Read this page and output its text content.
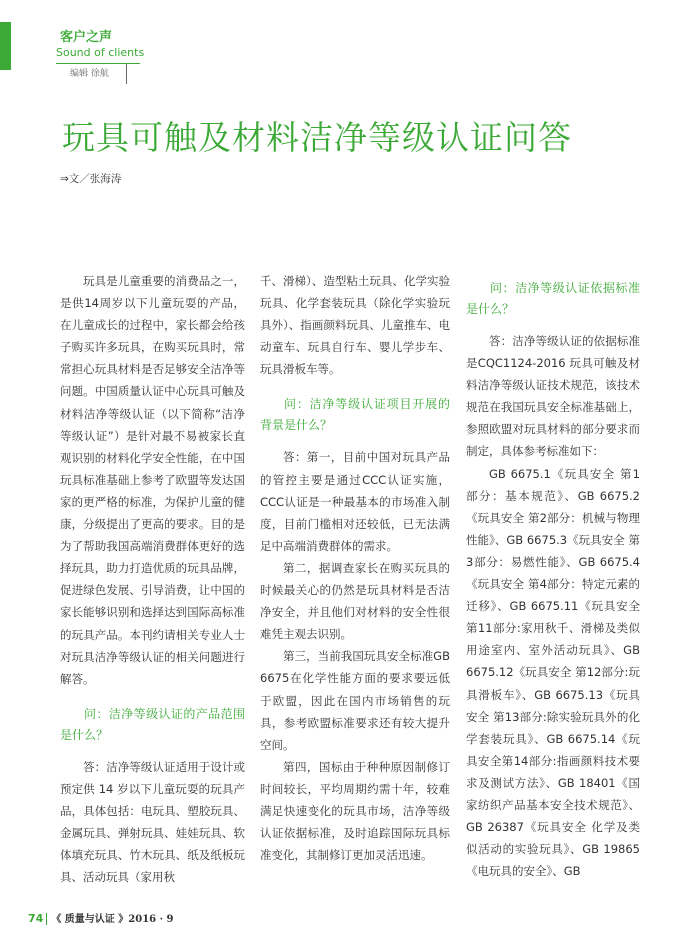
客户之声
Sound of clients
编辑 徐航
玩具可触及材料洁净等级认证问答
⇒文／张海涛

玩具是儿童重要的消费品之一，是供14周岁以下儿童玩耍的产品，在儿童成长的过程中，家长都会给孩子购买许多玩具，在购买玩具时，常常担心玩具材料是否足够安全洁净等问题。中国质量认证中心玩具可触及材料洁净等级认证（以下简称“洁净等级认证”）是针对最不易被家长直观识别的材料化学安全性能，在中国玩具标准基础上参考了欧盟等发达国家的更严格的标准，为保护儿童的健康，分级提出了更高的要求。目的是为了帮助我国高端消费群体更好的选择玩具，助力打造优质的玩具品牌，促进绿色发展、引导消费，让中国的家长能够识别和选择达到国际高标准的玩具产品。本刊约请相关专业人士对玩具洁净等级认证的相关问题进行解答。

问：洁净等级认证的产品范围是什么？

答：洁净等级认证适用于设计或预定供 14 岁以下儿童玩耍的玩具产品，具体包括：电玩具、塑胶玩具、金属玩具、弹射玩具、娃娃玩具、软体填充玩具、竹木玩具、纸及纸板玩具、活动玩具（家用秋

千、滑梯）、造型粘土玩具、化学实验玩具、化学套装玩具（除化学实验玩具外）、指画颜料玩具、儿童推车、电动童车、玩具自行车、婴儿学步车、玩具滑板车等。

问：洁净等级认证项目开展的背景是什么？

答：第一，目前中国对玩具产品的管控主要是通过CCC认证实施，CCC认证是一种最基本的市场准入制度，目前门槛相对还较低，已无法满足中高端消费群体的需求。

第二，据调查家长在购买玩具的时候最关心的仍然是玩具材料是否洁净安全，并且他们对材料的安全性很难凭主观去识别。

第三，当前我国玩具安全标准GB 6675在化学性能方面的要求要远低于欧盟，因此在国内市场销售的玩具，参考欧盟标准要求还有较大提升空间。

第四，国标由于种种原因制修订时间较长，平均周期约需十年，较难满足快速变化的玩具市场，洁净等级认证依据标准，及时追踪国际玩具标准变化，其制修订更加灵活迅速。

问：洁净等级认证依据标准是什么？

答：洁净等级认证的依据标准是CQC1124-2016 玩具可触及材料洁净等级认证技术规范，该技术规范在我国玩具安全标准基础上，参照欧盟对玩具材料的部分要求而制定，具体参考标准如下：

GB 6675.1《玩具安全 第1部分：基本规范》、GB 6675.2《玩具安全 第2部分：机械与物理性能》、GB 6675.3《玩具安全 第3部分：易燃性能》、GB 6675.4《玩具安全 第4部分：特定元素的迁移》、GB 6675.11《玩具安全 第11部分:家用秋千、滑梯及类似用途室内、室外活动玩具》、GB 6675.12《玩具安全 第12部分:玩具滑板车》、GB 6675.13《玩具安全 第13部分:除实验玩具外的化学套装玩具》、GB 6675.14《玩具安全第14部分:指画颜料技术要求及测试方法》、GB 18401《国家纺织产品基本安全技术规范》、GB 26387《玩具安全 化学及类似活动的实验玩具》、GB 19865《电玩具的安全》、GB

74 《 质量与认证 》2016 · 9
